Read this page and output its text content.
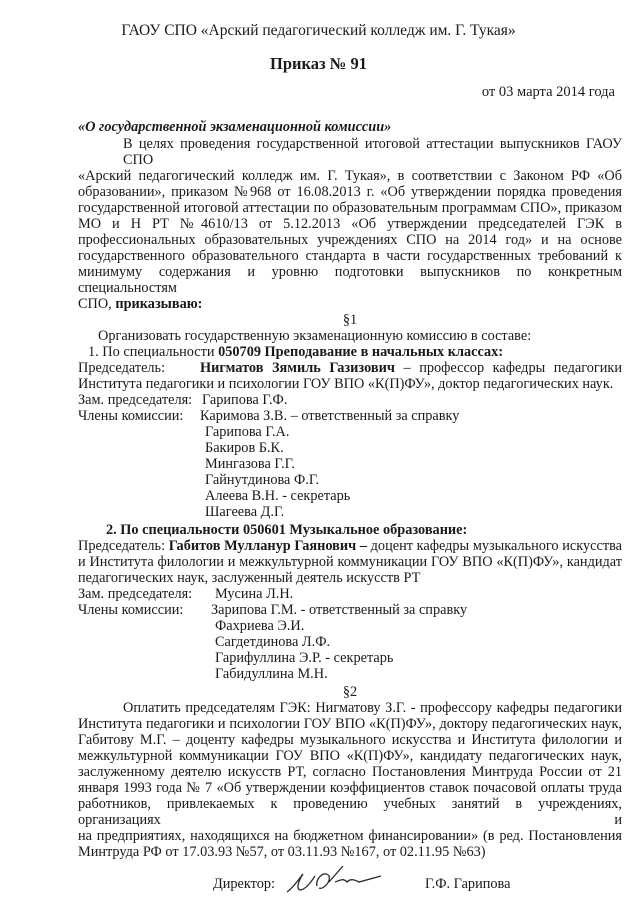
ГАОУ СПО «Арский педагогический колледж им. Г. Тукая»
Приказ № 91
от 03 марта 2014 года
«О государственной экзаменационной комиссии»
В целях проведения государственной итоговой аттестации выпускников ГАОУ СПО
«Арский педагогический колледж им. Г. Тукая», в соответствии с Законом РФ «Об
образовании», приказом №968 от 16.08.2013 г. «Об утверждении порядка проведения
государственной итоговой аттестации по образовательным программам СПО», приказом
МО и Н РТ №4610/13 от 5.12.2013 «Об утверждении председателей ГЭК в
профессиональных образовательных учреждениях СПО на 2014 год» и на основе
государственного образовательного стандарта в части государственных требований к
минимуму содержания и уровню подготовки выпускников по конкретным специальностям
СПО, приказываю:
§1
Организовать государственную экзаменационную комиссию в составе:
1. По специальности 050709 Преподавание в начальных классах:
Председатель: Нигматов Зямиль Газизович – профессор кафедры педагогики
Института педагогики и психологии ГОУ ВПО «К(П)ФУ», доктор педагогических наук.
Зам. председателя: Гарипова Г.Ф.
Члены комиссии: Каримова З.В. – ответственный за справку
Гарипова Г.А.
Бакиров Б.К.
Мингазова Г.Г.
Гайнутдинова Ф.Г.
Алеева В.Н. - секретарь
Шагеева Д.Г.
2. По специальности 050601 Музыкальное образование:
Председатель: Габитов Мулланур Гаянович – доцент кафедры музыкального искусства
и Института филологии и межкультурной коммуникации ГОУ ВПО «К(П)ФУ», кандидат
педагогических наук, заслуженный деятель искусств РТ
Зам. председателя: Мусина Л.Н.
Члены комиссии: Зарипова Г.М. - ответственный за справку
Фахриева Э.И.
Сагдетдинова Л.Ф.
Гарифуллина Э.Р. - секретарь
Габидуллина М.Н.
§2
Оплатить председателям ГЭК: Нигматову З.Г. - профессору кафедры педагогики
Института педагогики и психологии ГОУ ВПО «К(П)ФУ», доктору педагогических наук,
Габитову М.Г. – доценту кафедры музыкального искусства и Института филологии и
межкультурной коммуникации ГОУ ВПО «К(П)ФУ», кандидату педагогических наук,
заслуженному деятелю искусств РТ, согласно Постановления Минтруда России от 21
января 1993 года № 7 «Об утверждении коэффициентов ставок почасовой оплаты труда
работников, привлекаемых к проведению учебных занятий в учреждениях, организациях и
на предприятиях, находящихся на бюджетном финансировании» (в ред. Постановления
Минтруда РФ от 17.03.93 №57, от 03.11.93 №167, от 02.11.95 №63)
Директор:	Г.Ф. Гарипова
